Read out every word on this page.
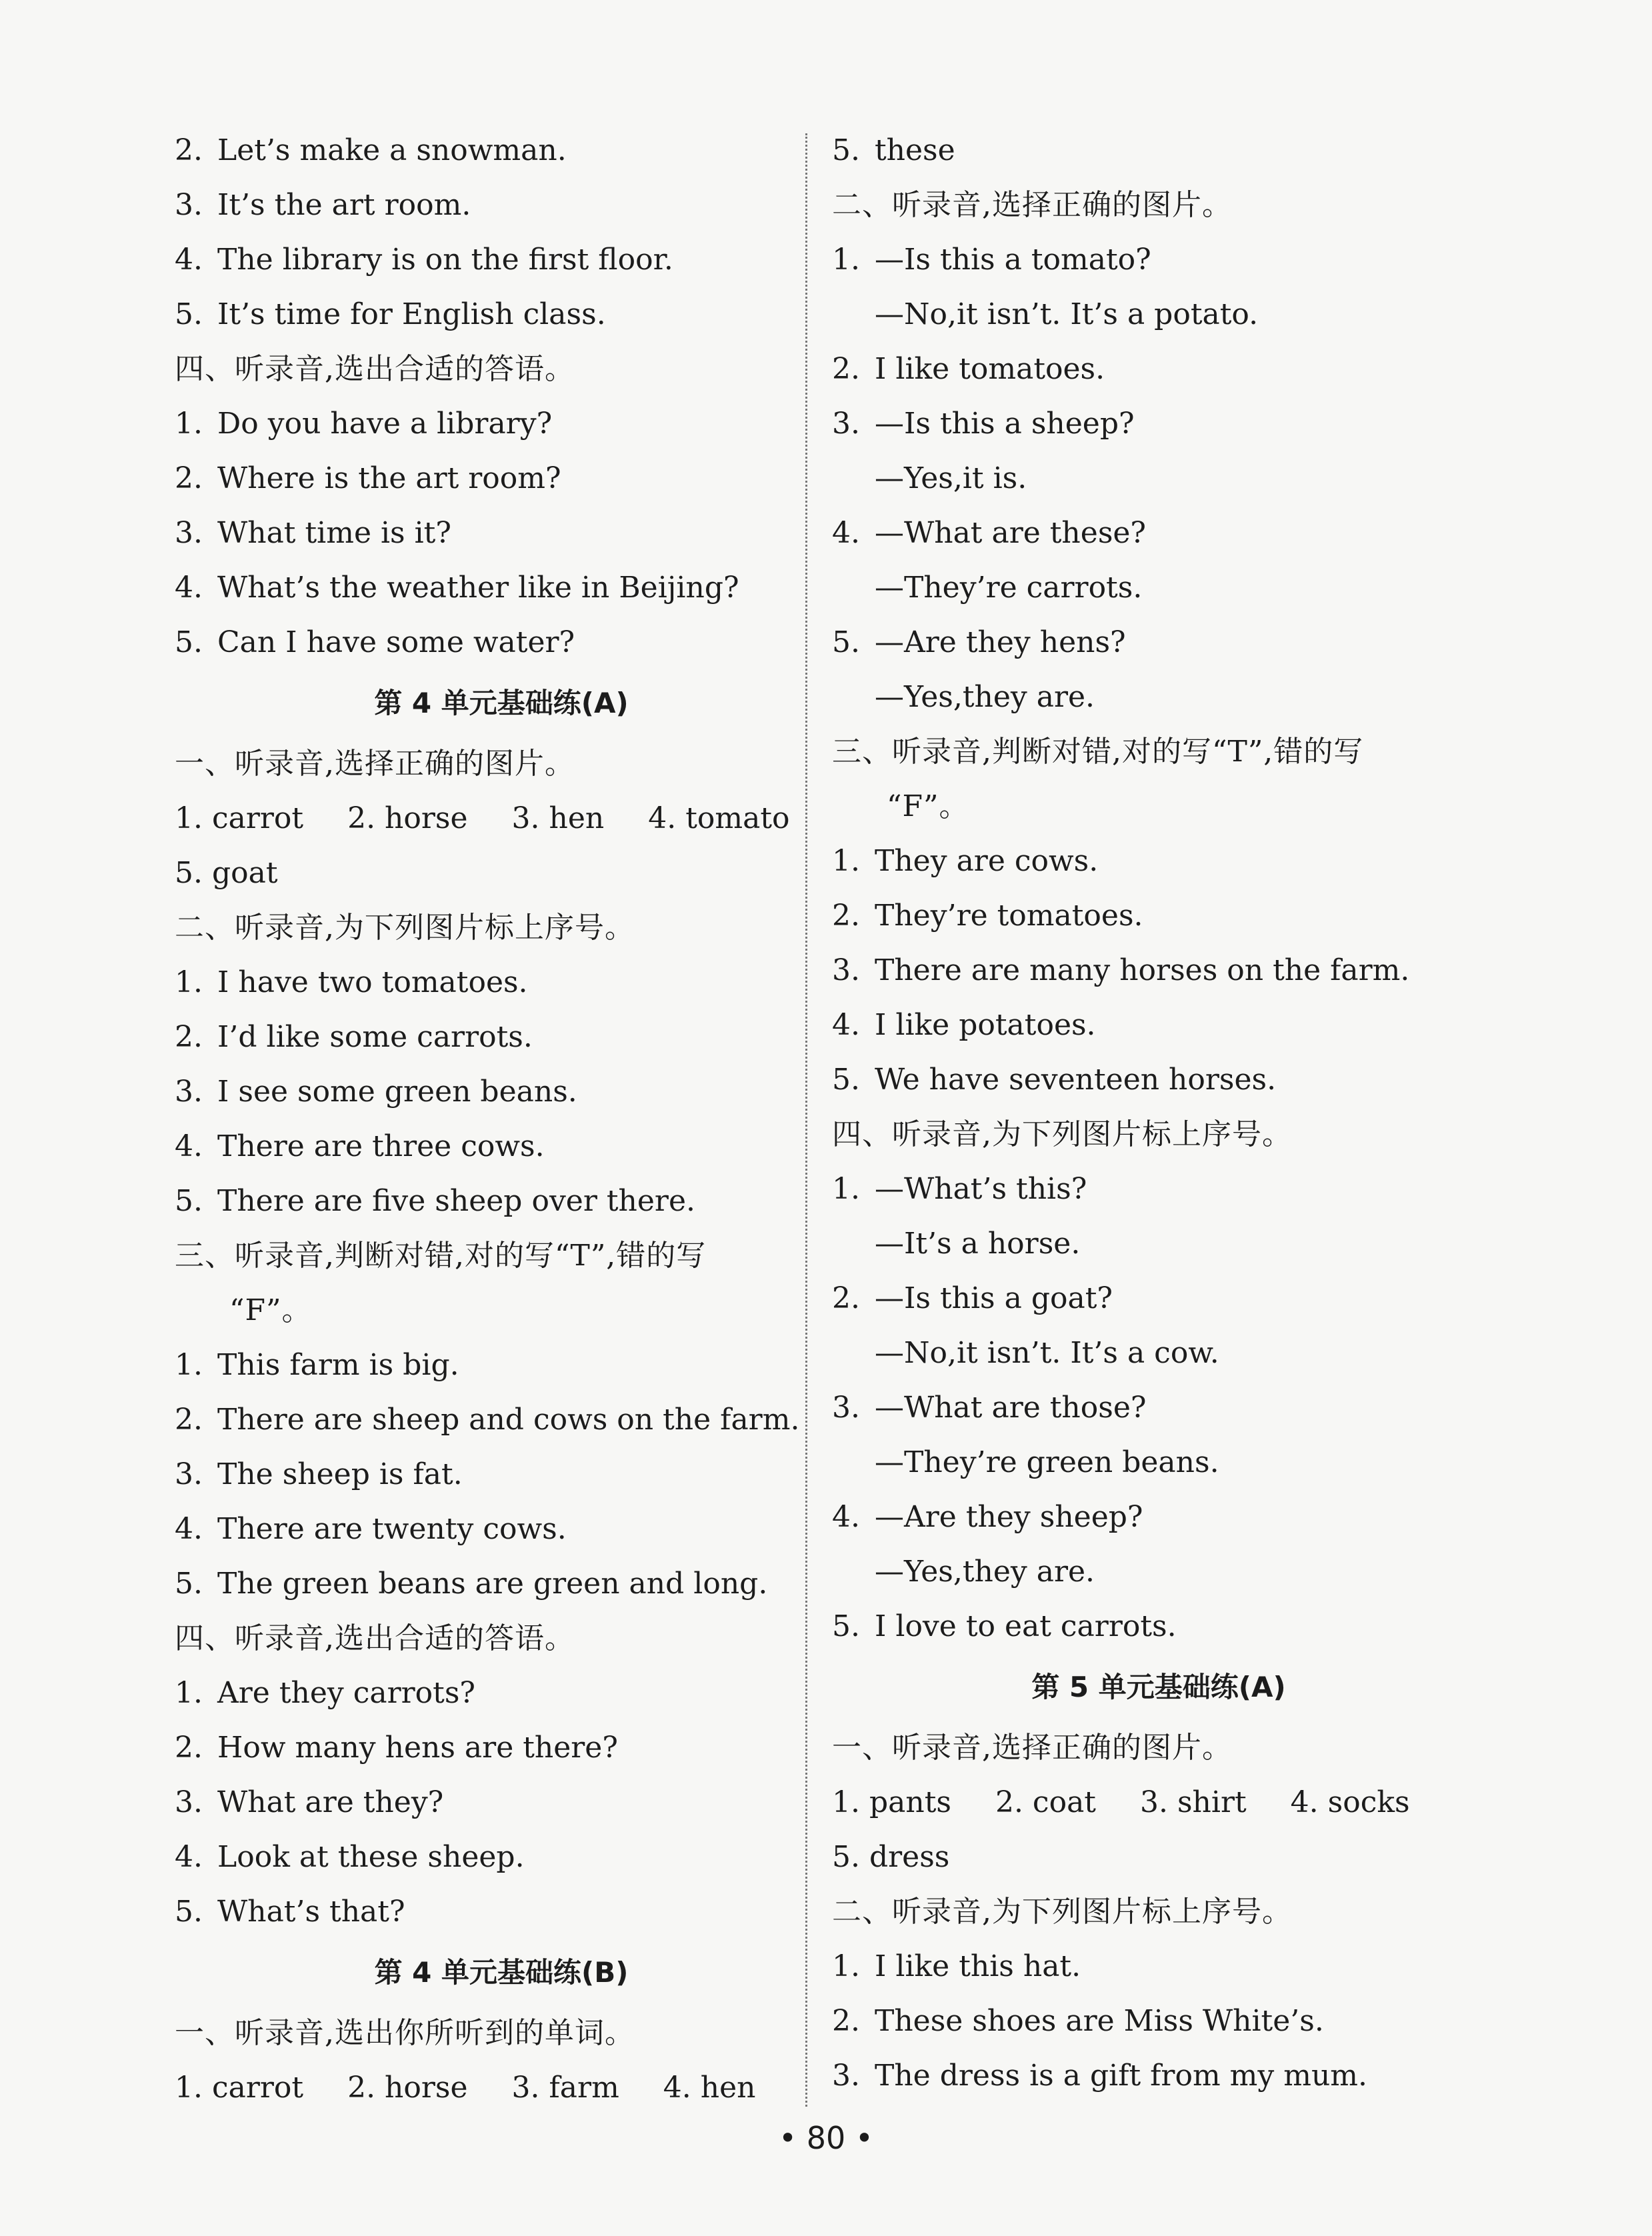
2. Let’s make a snowman.
3. It’s the art room.
4. The library is on the first floor.
5. It’s time for English class.
四、听录音,选出合适的答语。
1. Do you have a library?
2. Where is the art room?
3. What time is it?
4. What’s the weather like in Beijing?
5. Can I have some water?
第 4 单元基础练(A)
一、听录音,选择正确的图片。
1. carrot 2. horse 3. hen 4. tomato
5. goat
二、听录音,为下列图片标上序号。
1. I have two tomatoes.
2. I’d like some carrots.
3. I see some green beans.
4. There are three cows.
5. There are five sheep over there.
三、听录音,判断对错,对的写“T”,错的写
“F”。
1. This farm is big.
2. There are sheep and cows on the farm.
3. The sheep is fat.
4. There are twenty cows.
5. The green beans are green and long.
四、听录音,选出合适的答语。
1. Are they carrots?
2. How many hens are there?
3. What are they?
4. Look at these sheep.
5. What’s that?
第 4 单元基础练(B)
一、听录音,选出你所听到的单词。
1. carrot 2. horse 3. farm 4. hen
5. these
二、听录音,选择正确的图片。
1. —Is this a tomato?
—No,it isn’t. It’s a potato.
2. I like tomatoes.
3. —Is this a sheep?
—Yes,it is.
4. —What are these?
—They’re carrots.
5. —Are they hens?
—Yes,they are.
三、听录音,判断对错,对的写“T”,错的写
“F”。
1. They are cows.
2. They’re tomatoes.
3. There are many horses on the farm.
4. I like potatoes.
5. We have seventeen horses.
四、听录音,为下列图片标上序号。
1. —What’s this?
—It’s a horse.
2. —Is this a goat?
—No,it isn’t. It’s a cow.
3. —What are those?
—They’re green beans.
4. —Are they sheep?
—Yes,they are.
5. I love to eat carrots.
第 5 单元基础练(A)
一、听录音,选择正确的图片。
1. pants 2. coat 3. shirt 4. socks
5. dress
二、听录音,为下列图片标上序号。
1. I like this hat.
2. These shoes are Miss White’s.
3. The dress is a gift from my mum.
• 80 •
